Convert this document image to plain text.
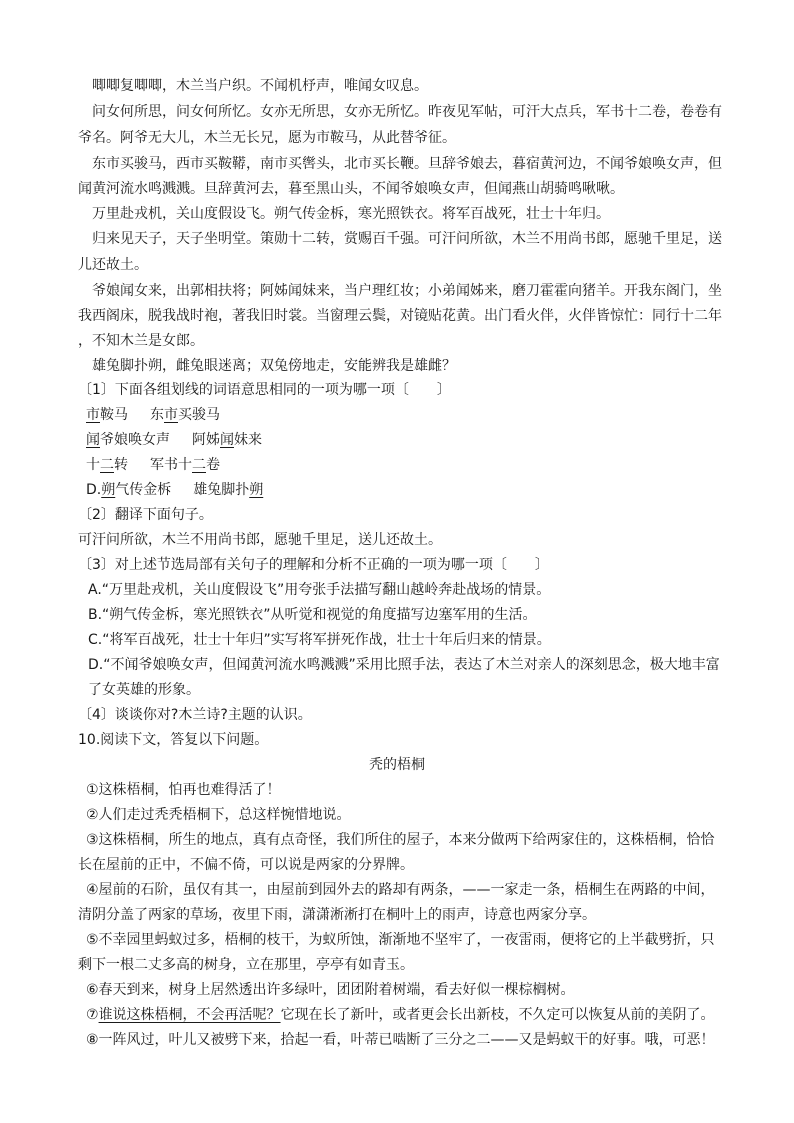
唧唧复唧唧，木兰当户织。不闻机杼声，唯闻女叹息。
问女何所思，问女何所忆。女亦无所思，女亦无所忆。昨夜见军帖，可汗大点兵，军书十二卷，卷卷有
爷名。阿爷无大儿，木兰无长兄，愿为市鞍马，从此替爷征。
东市买骏马，西市买鞍鞯，南市买辔头，北市买长鞭。旦辞爷娘去，暮宿黄河边，不闻爷娘唤女声，但
闻黄河流水鸣溅溅。旦辞黄河去，暮至黑山头，不闻爷娘唤女声，但闻燕山胡骑鸣啾啾。
万里赴戎机，关山度假设飞。朔气传金柝，寒光照铁衣。将军百战死，壮士十年归。
归来见天子，天子坐明堂。策勋十二转，赏赐百千强。可汗问所欲，木兰不用尚书郎，愿驰千里足，送
儿还故土。
爷娘闻女来，出郭相扶将；阿姊闻妹来，当户理红妆；小弟闻姊来，磨刀霍霍向猪羊。开我东阁门，坐
我西阁床，脱我战时袍，著我旧时裳。当窗理云鬓，对镜贴花黄。出门看火伴，火伴皆惊忙：同行十二年
，不知木兰是女郎。
雄兔脚扑朔，雌兔眼迷离；双兔傍地走，安能辨我是雄雌？
〔1〕下面各组划线的词语意思相同的一项为哪一项〔　　〕
市鞍马 东市买骏马
闻爷娘唤女声 阿姊闻妹来
十二转 军书十二卷
D.朔气传金柝 雄兔脚扑朔
〔2〕翻译下面句子。
可汗问所欲，木兰不用尚书郎，愿驰千里足，送儿还故土。
〔3〕对上述节选局部有关句子的理解和分析不正确的一项为哪一项〔　　〕
A.“万里赴戎机，关山度假设飞”用夸张手法描写翻山越岭奔赴战场的情景。
B.“朔气传金柝，寒光照铁衣”从听觉和视觉的角度描写边塞军用的生活。
C.“将军百战死，壮士十年归”实写将军拼死作战，壮士十年后归来的情景。
D.“不闻爷娘唤女声，但闻黄河流水鸣溅溅”采用比照手法，表达了木兰对亲人的深刻思念，极大地丰富
了女英雄的形象。
〔4〕谈谈你对?木兰诗?主题的认识。
10.阅读下文，答复以下问题。
秃的梧桐
①这株梧桐，怕再也难得活了！
②人们走过秃秃梧桐下，总这样惋惜地说。
③这株梧桐，所生的地点，真有点奇怪，我们所住的屋子，本来分做两下给两家住的，这株梧桐，恰恰
长在屋前的正中，不偏不倚，可以说是两家的分界牌。
④屋前的石阶，虽仅有其一，由屋前到园外去的路却有两条，——一家走一条，梧桐生在两路的中间，
清阴分盖了两家的草场，夜里下雨，潇潇淅淅打在桐叶上的雨声，诗意也两家分享。
⑤不幸园里蚂蚁过多，梧桐的枝干，为蚁所蚀，渐渐地不坚牢了，一夜雷雨，便将它的上半截劈折，只
剩下一根二丈多高的树身，立在那里，亭亭有如青玉。
⑥春天到来，树身上居然透出许多绿叶，团团附着树端，看去好似一棵棕榈树。
⑦谁说这株梧桐，不会再活呢？它现在长了新叶，或者更会长出新枝，不久定可以恢复从前的美阴了。
⑧一阵风过，叶儿又被劈下来，拾起一看，叶蒂已啮断了三分之二——又是蚂蚁干的好事。哦，可恶！
